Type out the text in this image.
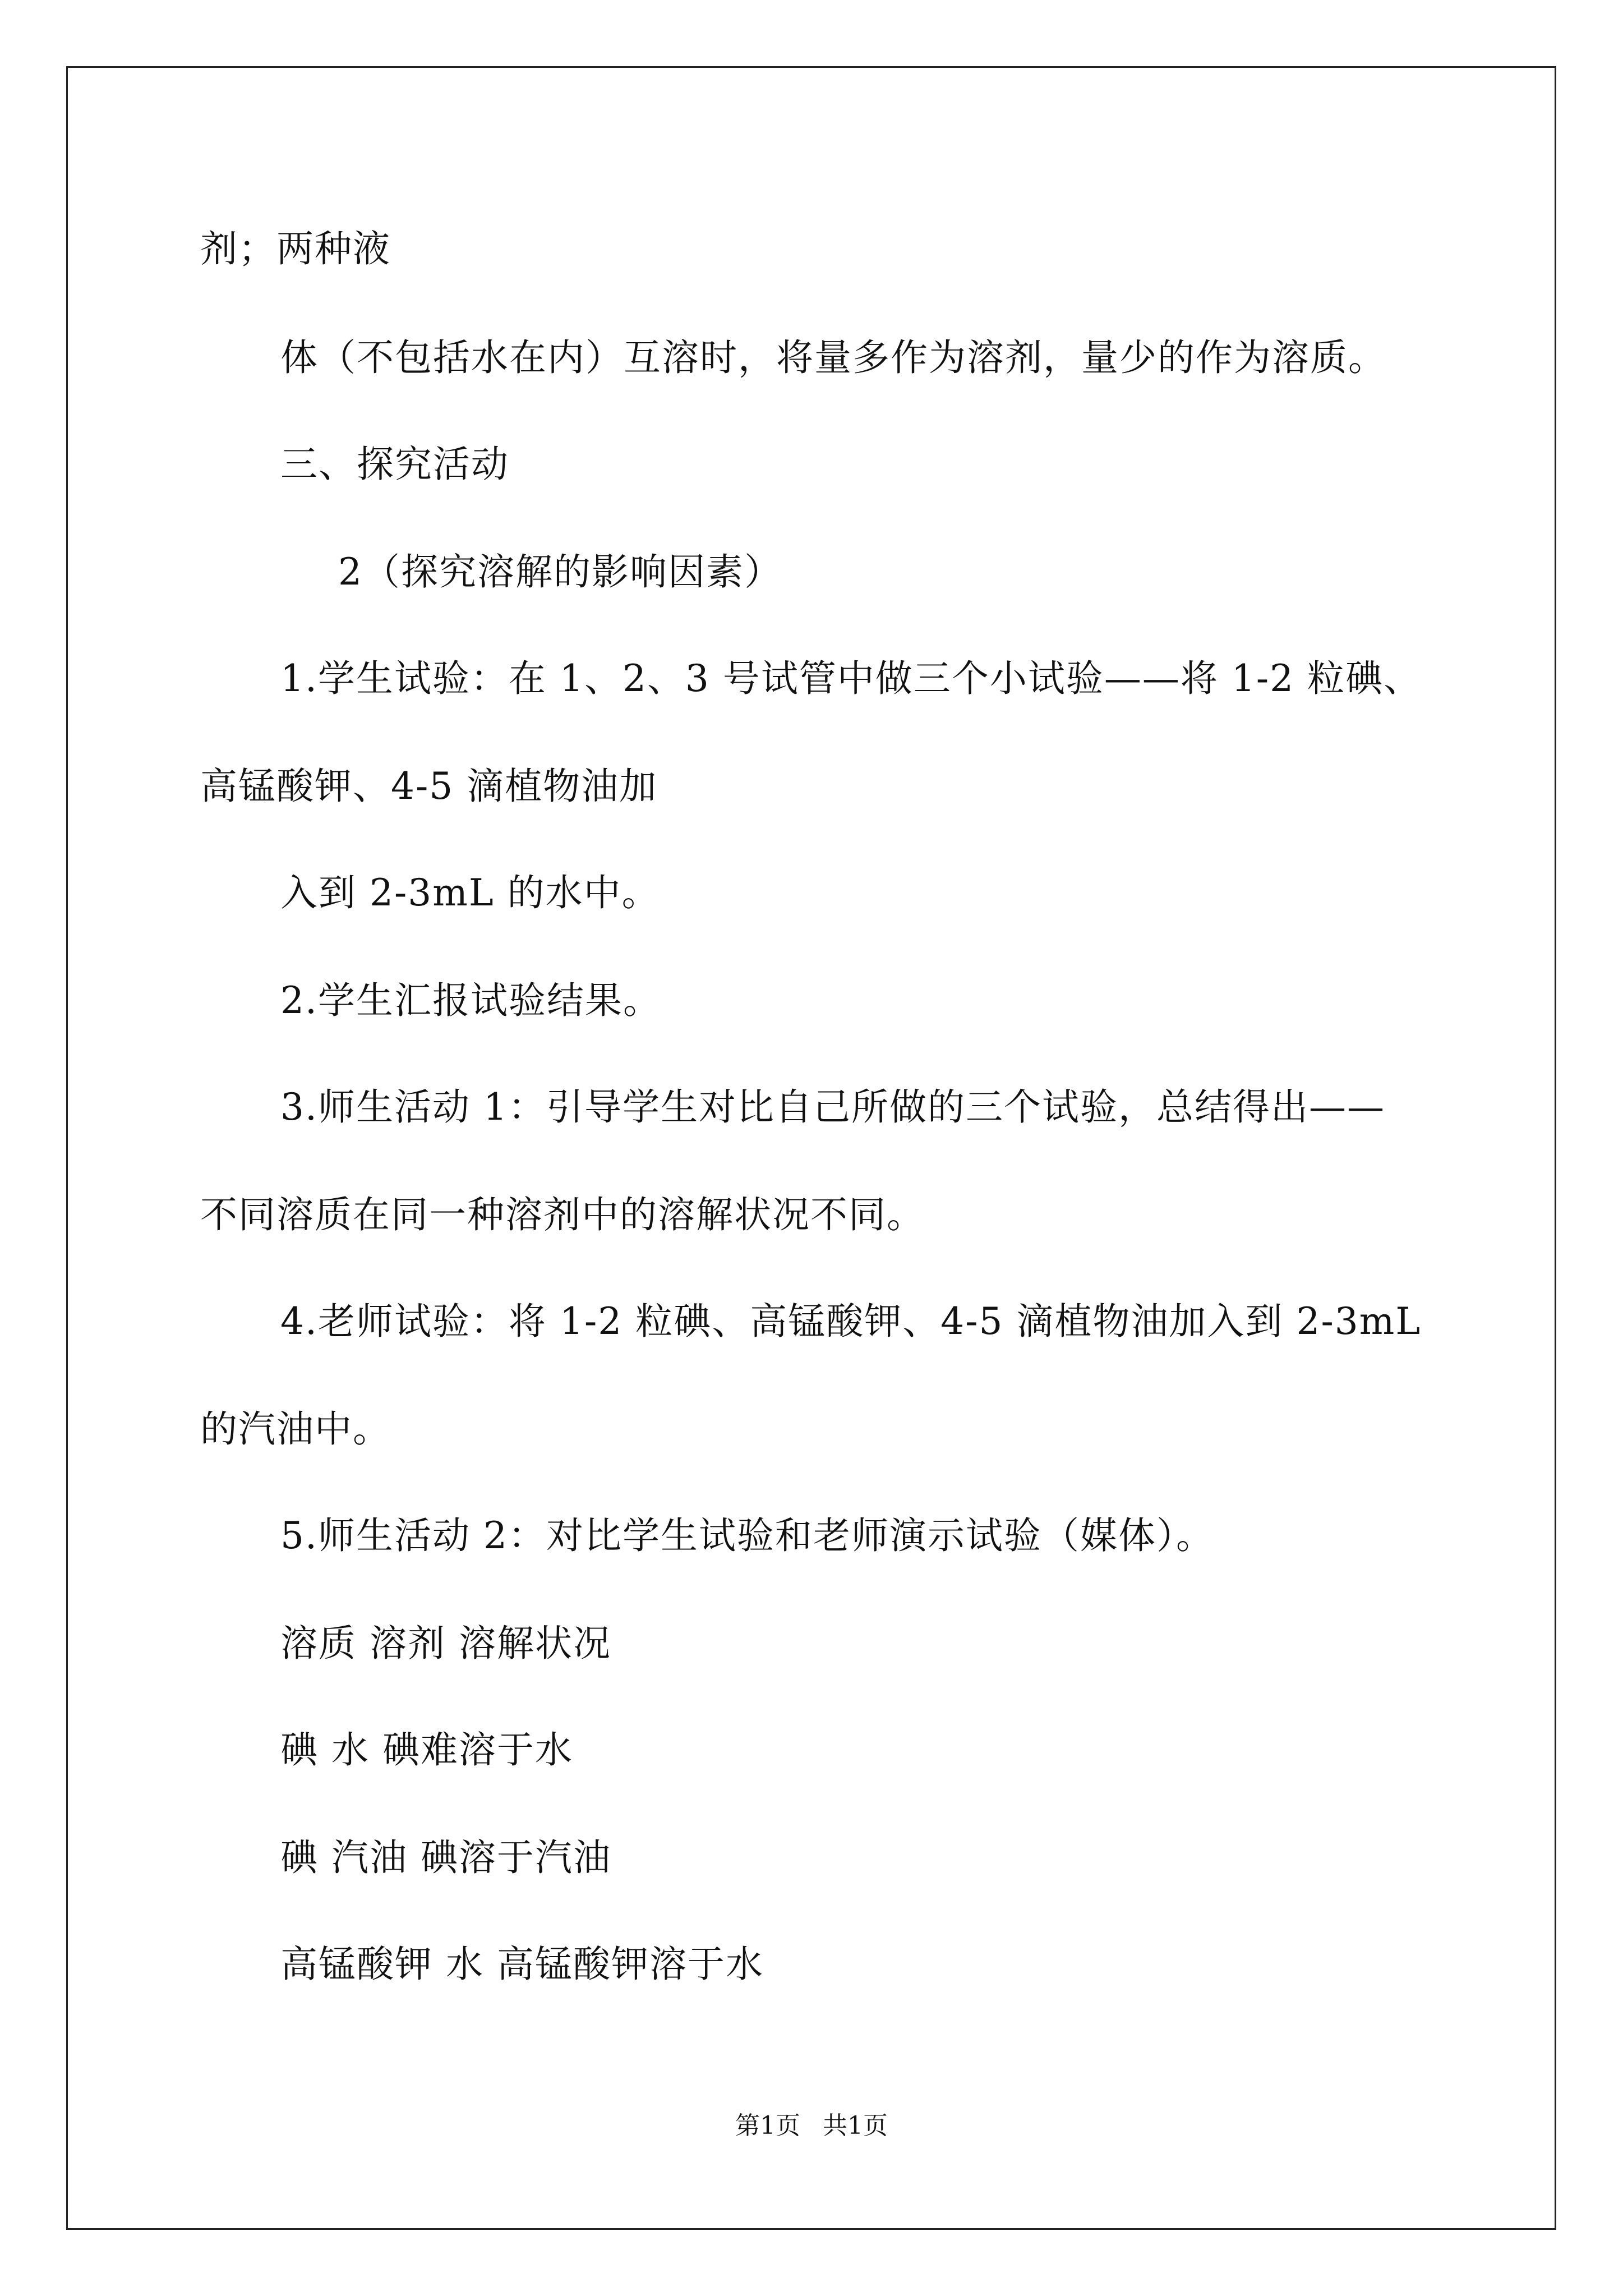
剂；两种液
体（不包括水在内）互溶时，将量多作为溶剂，量少的作为溶质。
三、探究活动
2（探究溶解的影响因素）
1.学生试验：在 1、2、3 号试管中做三个小试验——将 1-2 粒碘、
高锰酸钾、4-5 滴植物油加
入到 2-3mL 的水中。
2.学生汇报试验结果。
3.师生活动 1：引导学生对比自己所做的三个试验，总结得出——
不同溶质在同一种溶剂中的溶解状况不同。
4.老师试验：将 1-2 粒碘、高锰酸钾、4-5 滴植物油加入到 2-3mL
的汽油中。
5.师生活动 2：对比学生试验和老师演示试验（媒体）。
溶质 溶剂 溶解状况
碘 水 碘难溶于水
碘 汽油 碘溶于汽油
高锰酸钾 水 高锰酸钾溶于水
第1页 共1页
